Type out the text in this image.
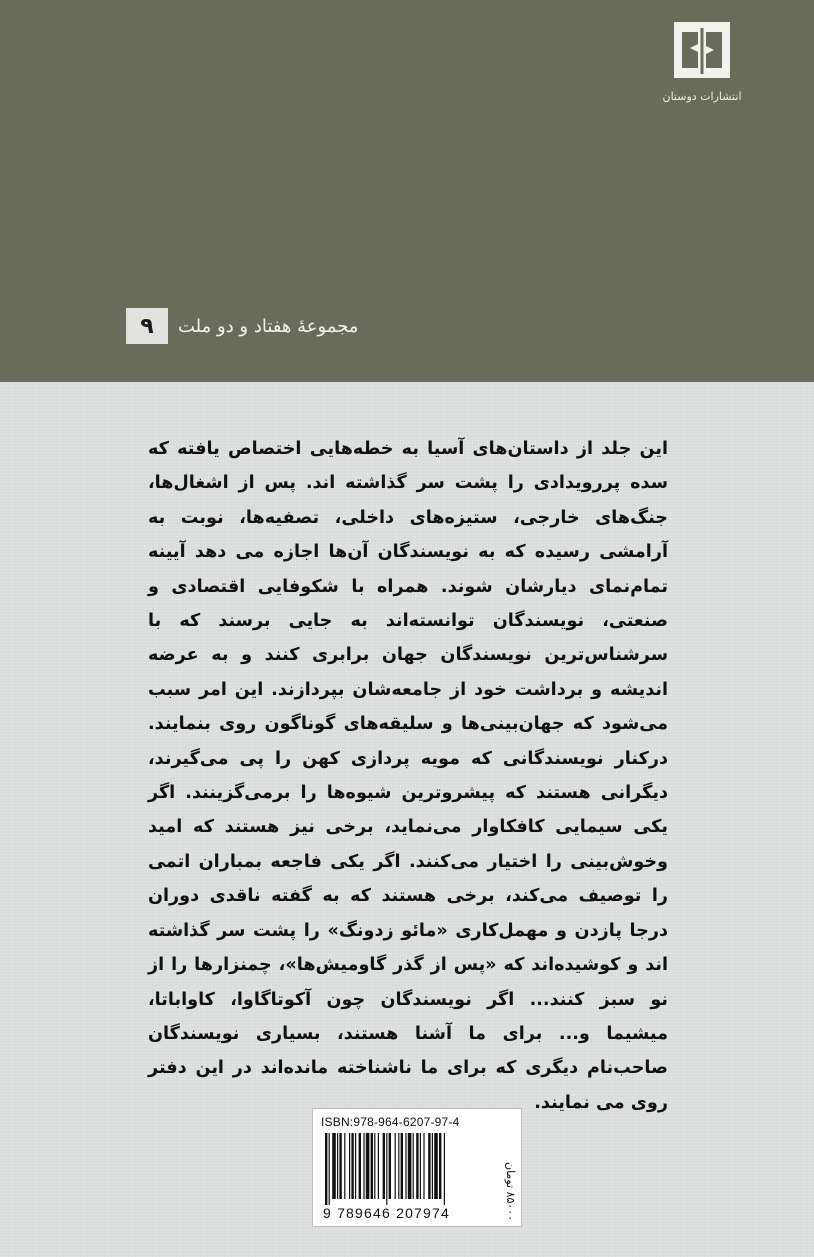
انتشارات دوستان
۹	مجموعۀ هفتاد و دو ملت

این جلد از داستان‌های آسیا به خطه‌هایی اختصاص یافته که سده پررویدادی را پشت سر گذاشته اند. پس از اشغال‌ها، جنگ‌های خارجی، ستیزه‌های داخلی، تصفیه‌ها، نوبت به آرامشی رسیده که به نویسندگان آن‌ها اجازه می دهد آیینه تمام‌نمای دیارشان شوند. همراه با شکوفایی اقتصادی و صنعتی، نویسندگان توانسته‌اند به جایی برسند که با سرشناس‌ترین نویسندگان جهان برابری کنند و به عرضه اندیشه و برداشت خود از جامعه‌شان بپردازند. این امر سبب می‌شود که جهان‌بینی‌ها و سلیقه‌های گوناگون روی بنمایند. درکنار نویسندگانی که مویه پردازی کهن را پی می‌گیرند، دیگرانی هستند که پیشروترین شیوه‌ها را برمی‌گزینند. اگر یکی سیمایی کافکاوار می‌نماید، برخی نیز هستند که امید وخوش‌بینی را اختیار می‌کنند. اگر یکی فاجعه بمباران اتمی را توصیف می‌کند، برخی هستند که به گفته ناقدی دوران درجا پازدن و مهمل‌کاری «مائو زدونگ» را پشت سر گذاشته اند و کوشیده‌اند که «پس از گذر گاومیش‌ها»، چمنزارها را از نو سبز کنند... اگر نویسندگان چون آکوتاگاوا، کاواباتا، میشیما و... برای ما آشنا هستند، بسیاری نویسندگان صاحب‌نام دیگری که برای ما ناشناخته مانده‌اند در این دفتر روی می نمایند.

ISBN:978-964-6207-97-4
9 789646 207974
۸۵۰۰۰ تومان
